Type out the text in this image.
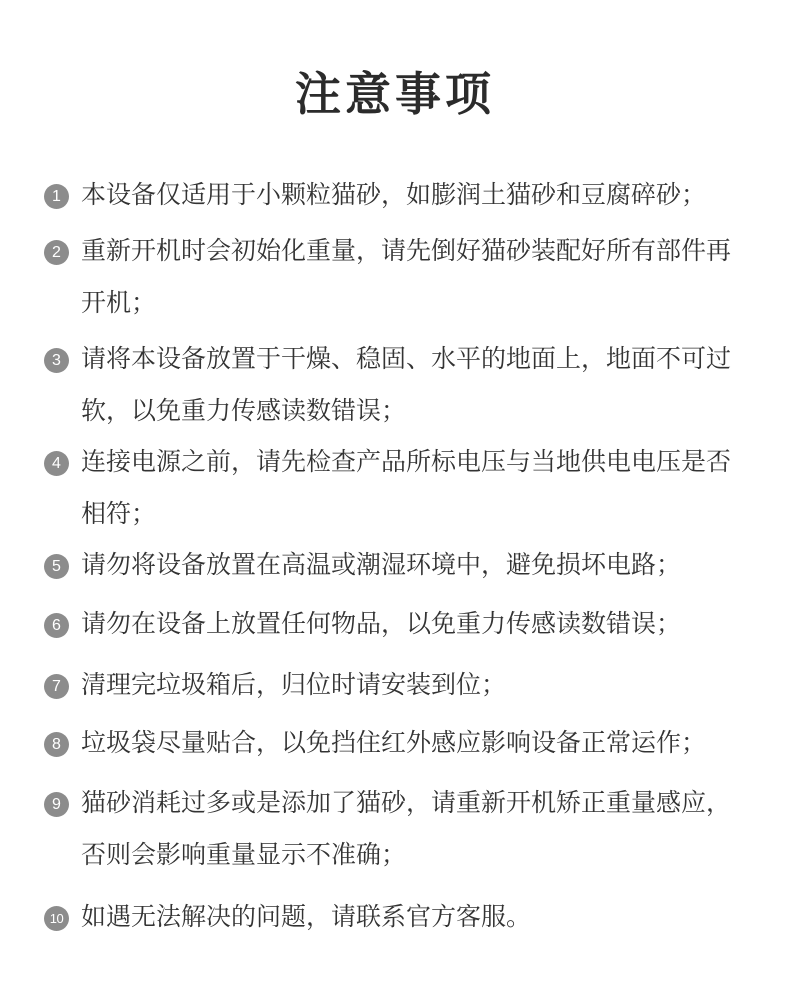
注意事项
1 本设备仅适用于小颗粒猫砂，如膨润土猫砂和豆腐碎砂；
2 重新开机时会初始化重量，请先倒好猫砂装配好所有部件再开机；
3 请将本设备放置于干燥、稳固、水平的地面上，地面不可过软，以免重力传感读数错误；
4 连接电源之前，请先检查产品所标电压与当地供电电压是否相符；
5 请勿将设备放置在高温或潮湿环境中，避免损坏电路；
6 请勿在设备上放置任何物品，以免重力传感读数错误；
7 清理完垃圾箱后，归位时请安装到位；
8 垃圾袋尽量贴合，以免挡住红外感应影响设备正常运作；
9 猫砂消耗过多或是添加了猫砂，请重新开机矫正重量感应，否则会影响重量显示不准确；
10 如遇无法解决的问题，请联系官方客服。
